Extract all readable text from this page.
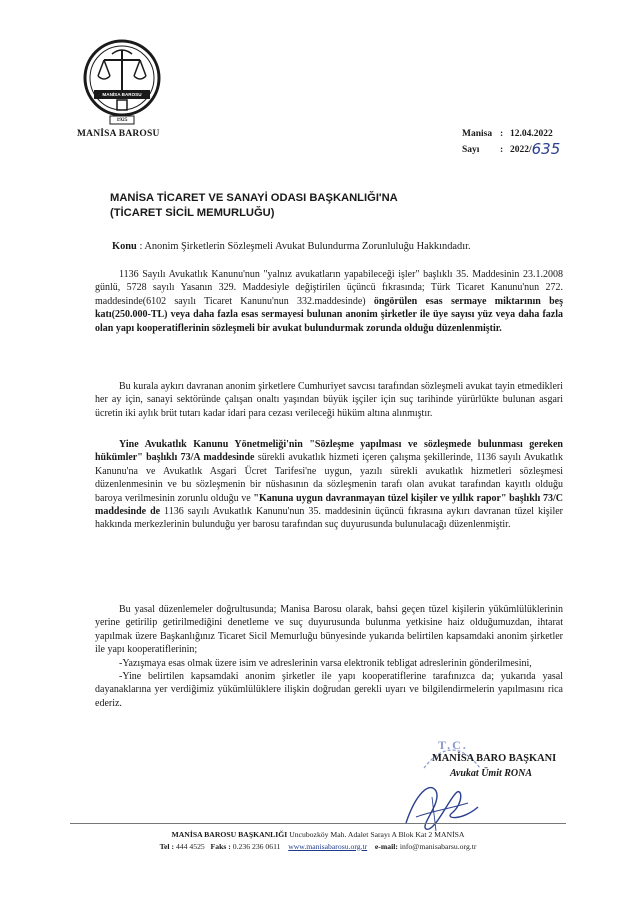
MANİSA BAROSU
1925
MANİSA BAROSU	Manisa : 12.04.2022
Sayı : 2022/635
MANİSA TİCARET VE SANAYİ ODASI BAŞKANLIĞI'NA
(TİCARET SİCİL MEMURLUĞU)
Konu : Anonim Şirketlerin Sözleşmeli Avukat Bulundurma Zorunluluğu Hakkındadır.
1136 Sayılı Avukatlık Kanunu'nun "yalnız avukatların yapabileceği işler" başlıklı 35. Maddesinin 23.1.2008 günlü, 5728 sayılı Yasanın 329. Maddesiyle değiştirilen üçüncü fıkrasında; Türk Ticaret Kanunu'nun 272. maddesinde(6102 sayılı Ticaret Kanunu'nun 332.maddesinde) öngörülen esas sermaye miktarının beş katı(250.000-TL) veya daha fazla esas sermayesi bulunan anonim şirketler ile üye sayısı yüz veya daha fazla olan yapı kooperatiflerinin sözleşmeli bir avukat bulundurmak zorunda olduğu düzenlenmiştir.
Bu kurala aykırı davranan anonim şirketlere Cumhuriyet savcısı tarafından sözleşmeli avukat tayin etmedikleri her ay için, sanayi sektöründe çalışan onaltı yaşından büyük işçiler için suç tarihinde yürürlükte bulunan asgari ücretin iki aylık brüt tutarı kadar idari para cezası verileceği hüküm altına alınmıştır.
Yine Avukatlık Kanunu Yönetmeliği'nin "Sözleşme yapılması ve sözleşmede bulunması gereken hükümler" başlıklı 73/A maddesinde sürekli avukatlık hizmeti içeren çalışma şekillerinde, 1136 sayılı Avukatlık Kanunu'na ve Avukatlık Asgari Ücret Tarifesi'ne uygun, yazılı sürekli avukatlık hizmetleri sözleşmesi düzenlenmesinin ve bu sözleşmenin bir nüshasının da sözleşmenin tarafı olan avukat tarafından kayıtlı olduğu baroya verilmesinin zorunlu olduğu ve "Kanuna uygun davranmayan tüzel kişiler ve yıllık rapor" başlıklı 73/C maddesinde de 1136 sayılı Avukatlık Kanunu'nun 35. maddesinin üçüncü fıkrasına aykırı davranan tüzel kişiler hakkında merkezlerinin bulunduğu yer barosu tarafından suç duyurusunda bulunulacağı düzenlenmiştir.
Bu yasal düzenlemeler doğrultusunda; Manisa Barosu olarak, bahsi geçen tüzel kişilerin yükümlülüklerinin yerine getirilip getirilmediğini denetleme ve suç duyurusunda bulunma yetkisine haiz olduğumuzdan, ihtarat yapılmak üzere Başkanlığınız Ticaret Sicil Memurluğu bünyesinde yukarıda belirtilen kapsamdaki anonim şirketler ile yapı kooperatiflerinin;
-Yazışmaya esas olmak üzere isim ve adreslerinin varsa elektronik tebligat adreslerinin gönderilmesini,
-Yine belirtilen kapsamdaki anonim şirketler ile yapı kooperatiflerine tarafınızca da; yukarıda yasal dayanaklarına yer verdiğimiz yükümlülüklere ilişkin doğrudan gerekli uyarı ve bilgilendirmelerin yapılmasını rica ederiz.
T.C.
MANİSA BARO BAŞKANI
Avukat Ümit RONA
MANİSA BAROSU BAŞKANLIĞI Uncubozköy Mah. Adalet Sarayı A Blok Kat 2 MANİSA
Tel : 444 4525 Faks : 0.236 236 0611 www.manisabarosu.org.tr e-mail: info@manisabarsu.org.tr
